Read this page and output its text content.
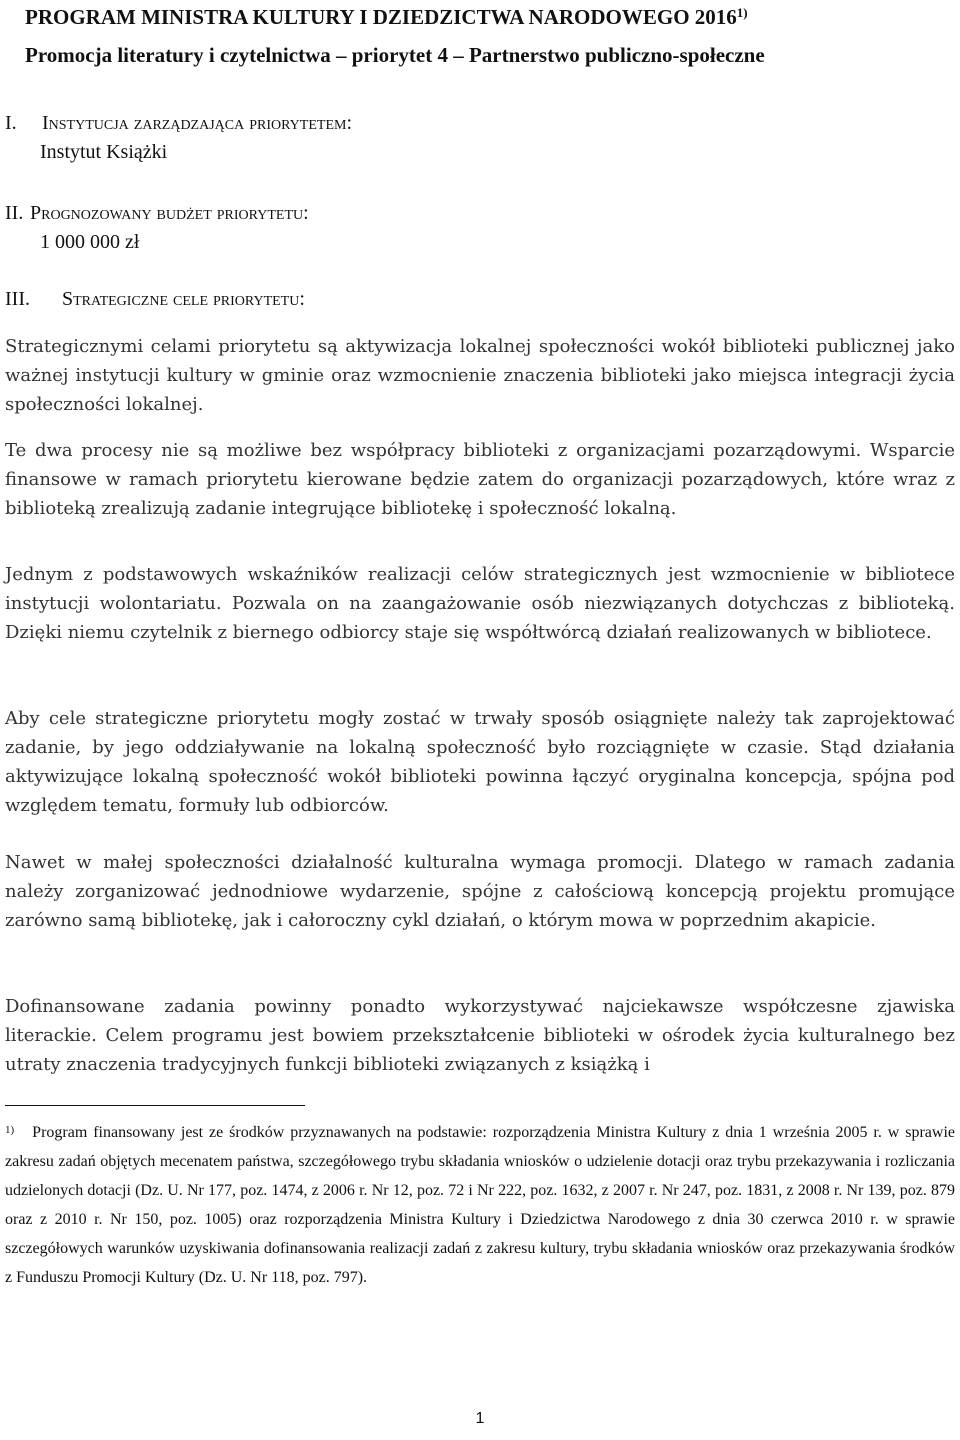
PROGRAM MINISTRA KULTURY I DZIEDZICTWA NARODOWEGO 2016$^{1)}$
Promocja literatury i czytelnictwa – priorytet 4 – Partnerstwo publiczno-społeczne
I. Instytucja zarządzająca priorytetem:
Instytut Książki
II. Prognozowany budżet priorytetu:
1 000 000 zł
III. Strategiczne cele priorytetu:

Strategicznymi celami priorytetu są aktywizacja lokalnej społeczności wokół biblioteki publicznej jako ważnej instytucji kultury w gminie oraz wzmocnienie znaczenia biblioteki jako miejsca integracji życia społeczności lokalnej.

Te dwa procesy nie są możliwe bez współpracy biblioteki z organizacjami pozarządowymi. Wsparcie finansowe w ramach priorytetu kierowane będzie zatem do organizacji pozarządowych, które wraz z biblioteką zrealizują zadanie integrujące bibliotekę i społeczność lokalną.

Jednym z podstawowych wskaźników realizacji celów strategicznych jest wzmocnienie w bibliotece instytucji wolontariatu. Pozwala on na zaangażowanie osób niezwiązanych dotychczas z biblioteką. Dzięki niemu czytelnik z biernego odbiorcy staje się współtwórcą działań realizowanych w bibliotece.

Aby cele strategiczne priorytetu mogły zostać w trwały sposób osiągnięte należy tak zaprojektować zadanie, by jego oddziaływanie na lokalną społeczność było rozciągnięte w czasie. Stąd działania aktywizujące lokalną społeczność wokół biblioteki powinna łączyć oryginalna koncepcja, spójna pod względem tematu, formuły lub odbiorców.

Nawet w małej społeczności działalność kulturalna wymaga promocji. Dlatego w ramach zadania należy zorganizować jednodniowe wydarzenie, spójne z całościową koncepcją projektu promujące zarówno samą bibliotekę, jak i całoroczny cykl działań, o którym mowa w poprzednim akapicie.

Dofinansowane zadania powinny ponadto wykorzystywać najciekawsze współczesne zjawiska literackie. Celem programu jest bowiem przekształcenie biblioteki w ośrodek życia kulturalnego bez utraty znaczenia tradycyjnych funkcji biblioteki związanych z książką i

$^{1)}$ Program finansowany jest ze środków przyznawanych na podstawie: rozporządzenia Ministra Kultury z dnia 1 września 2005 r. w sprawie zakresu zadań objętych mecenatem państwa, szczegółowego trybu składania wniosków o udzielenie dotacji oraz trybu przekazywania i rozliczania udzielonych dotacji (Dz. U. Nr 177, poz. 1474, z 2006 r. Nr 12, poz. 72 i Nr 222, poz. 1632, z 2007 r. Nr 247, poz. 1831, z 2008 r. Nr 139, poz. 879 oraz z 2010 r. Nr 150, poz. 1005) oraz rozporządzenia Ministra Kultury i Dziedzictwa Narodowego z dnia 30 czerwca 2010 r. w sprawie szczegółowych warunków uzyskiwania dofinansowania realizacji zadań z zakresu kultury, trybu składania wniosków oraz przekazywania środków z Funduszu Promocji Kultury (Dz. U. Nr 118, poz. 797).
1
